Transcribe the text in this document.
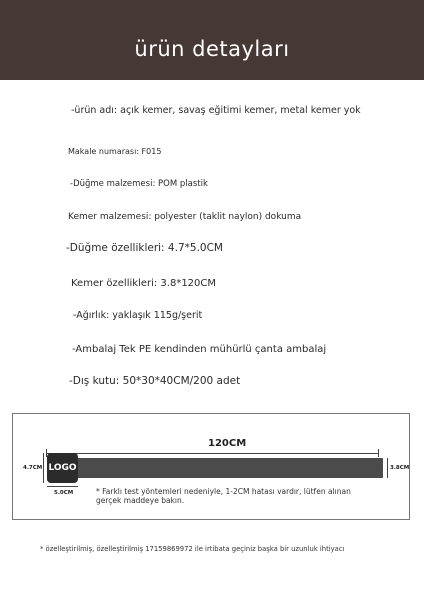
ürün detayları
-ürün adı: açık kemer, savaş eğitimi kemer, metal kemer yok
Makale numarası: F015
-Düğme malzemesi: POM plastik
Kemer malzemesi: polyester (taklit naylon) dokuma
-Düğme özellikleri: 4.7*5.0CM
Kemer özellikleri: 3.8*120CM
-Ağırlık: yaklaşık 115g/şerit
-Ambalaj Tek PE kendinden mühürlü çanta ambalaj
-Dış kutu: 50*30*40CM/200 adet
120CM
LOGO
4.7CM
5.0CM
3.8CM
* Farklı test yöntemleri nedeniyle, 1-2CM hatası vardır, lütfen alınan gerçek maddeye bakın.
* özelleştirilmiş, özelleştirilmiş 17159869972 ile irtibata geçiniz başka bir uzunluk ihtiyacı
